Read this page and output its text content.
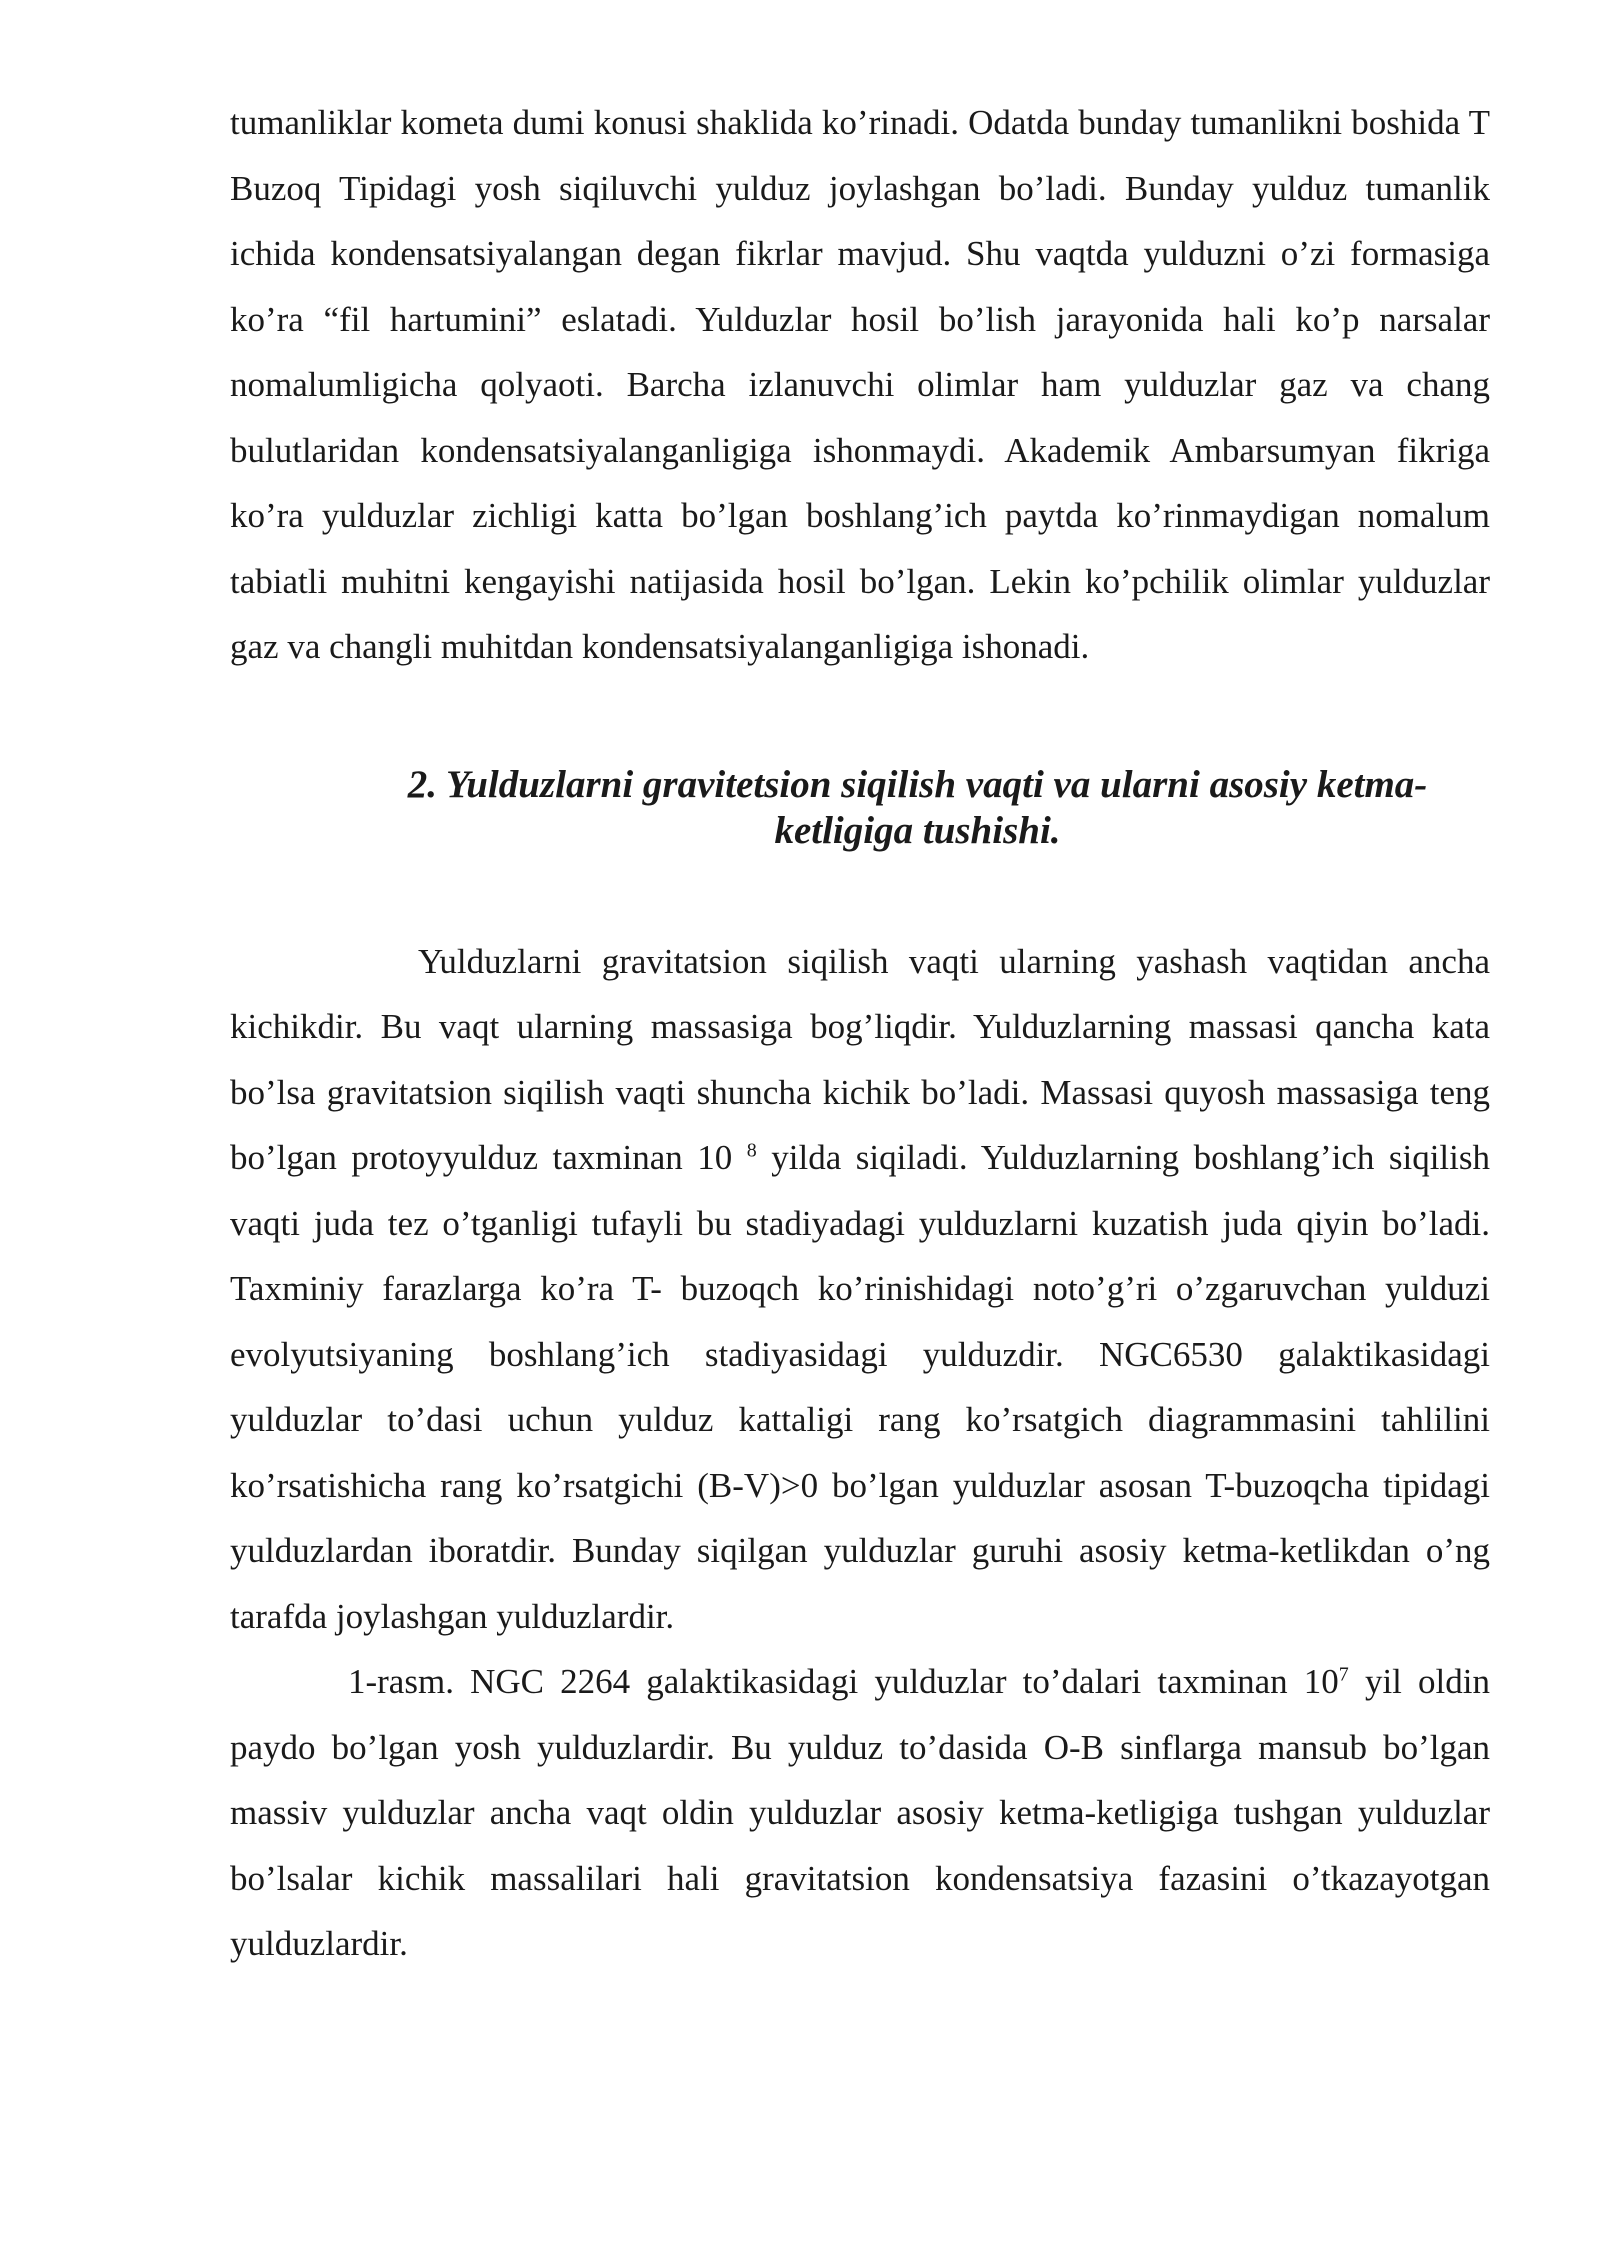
tumanliklar kometa dumi konusi shaklida ko’rinadi. Odatda bunday tumanlikni boshida T Buzoq Tipidagi yosh siqiluvchi yulduz joylashgan bo’ladi. Bunday yulduz tumanlik ichida kondensatsiyalangan degan fikrlar mavjud. Shu vaqtda yulduzni o’zi formasiga ko’ra “fil hartumini” eslatadi. Yulduzlar hosil bo’lish jarayonida hali ko’p narsalar nomalumligicha qolyaoti. Barcha izlanuvchi olimlar ham yulduzlar gaz va chang bulutlaridan kondensatsiyalanganligiga ishonmaydi. Akademik Ambarsumyan fikriga ko’ra yulduzlar zichligi katta bo’lgan boshlang’ich paytda ko’rinmaydigan nomalum tabiatli muhitni kengayishi natijasida hosil bo’lgan. Lekin ko’pchilik olimlar yulduzlar gaz va changli muhitdan kondensatsiyalanganligiga ishonadi.

2. Yulduzlarni gravitetsion siqilish vaqti va ularni asosiy ketma-ketligiga tushishi.

Yulduzlarni gravitatsion siqilish vaqti ularning yashash vaqtidan ancha kichikdir. Bu vaqt ularning massasiga bog’liqdir. Yulduzlarning massasi qancha kata bo’lsa gravitatsion siqilish vaqti shuncha kichik bo’ladi. Massasi quyosh massasiga teng bo’lgan protoyyulduz taxminan 10 $^8$ yilda siqiladi. Yulduzlarning boshlang’ich siqilish vaqti juda tez o’tganligi tufayli bu stadiyadagi yulduzlarni kuzatish juda qiyin bo’ladi. Taxminiy farazlarga ko’ra T- buzoqch ko’rinishidagi noto’g’ri o’zgaruvchan yulduzi evolyutsiyaning boshlang’ich stadiyasidagi yulduzdir. NGC6530 galaktikasidagi yulduzlar to’dasi uchun yulduz kattaligi rang ko’rsatgich diagrammasini tahlilini ko’rsatishicha rang ko’rsatgichi (B-V)>0 bo’lgan yulduzlar asosan T-buzoqcha tipidagi yulduzlardan iboratdir. Bunday siqilgan yulduzlar guruhi asosiy ketma-ketlikdan o’ng tarafda joylashgan yulduzlardir.

1-rasm. NGC 2264 galaktikasidagi yulduzlar to’dalari taxminan $10^7$ yil oldin paydo bo’lgan yosh yulduzlardir. Bu yulduz to’dasida O-B sinflarga mansub bo’lgan massiv yulduzlar ancha vaqt oldin yulduzlar asosiy ketma-ketligiga tushgan yulduzlar bo’lsalar kichik massalilari hali gravitatsion kondensatsiya fazasini o’tkazayotgan yulduzlardir.
